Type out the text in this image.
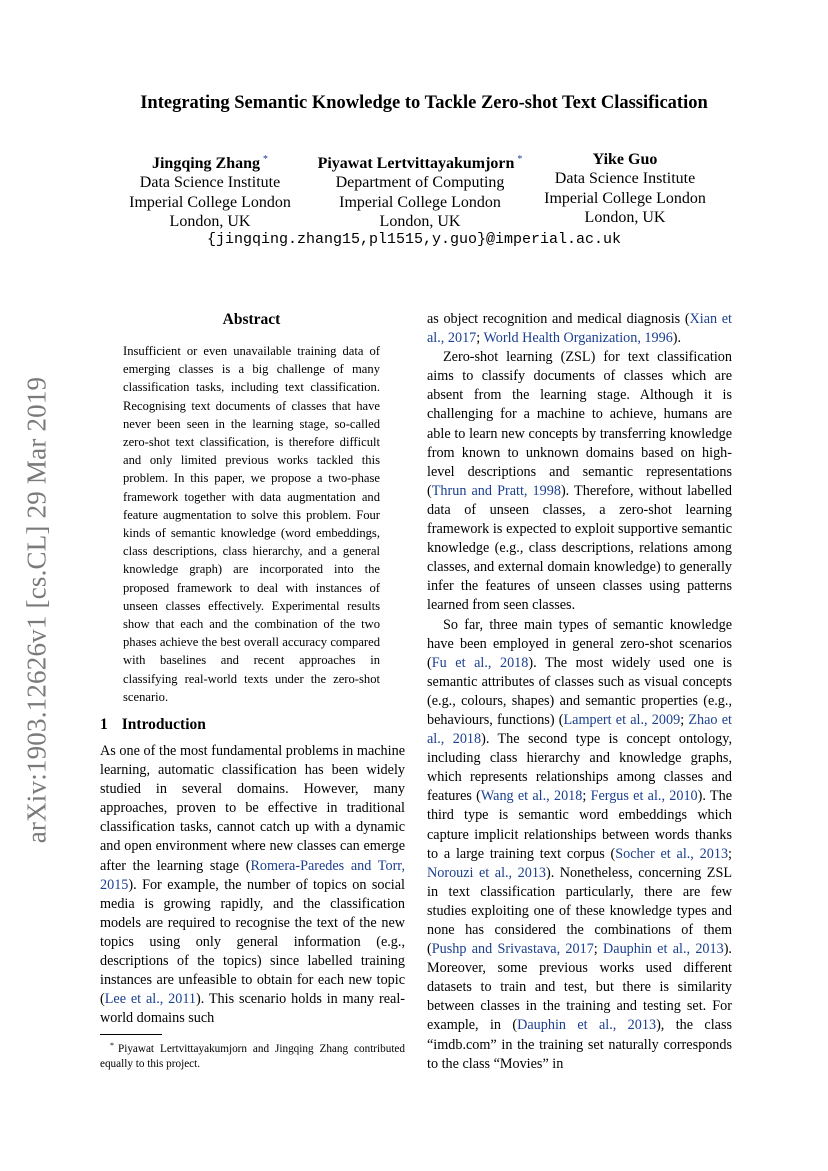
arXiv:1903.12626v1 [cs.CL] 29 Mar 2019
Integrating Semantic Knowledge to Tackle Zero-shot Text Classification
Jingqing Zhang *
Data Science Institute
Imperial College London
London, UK
Piyawat Lertvittayakumjorn *
Department of Computing
Imperial College London
London, UK
Yike Guo
Data Science Institute
Imperial College London
London, UK
{jingqing.zhang15,pl1515,y.guo}@imperial.ac.uk
Abstract
Insufficient or even unavailable training data of emerging classes is a big challenge of many classification tasks, including text classification. Recognising text documents of classes that have never been seen in the learning stage, so-called zero-shot text classification, is therefore difficult and only limited previous works tackled this problem. In this paper, we propose a two-phase framework together with data augmentation and feature augmentation to solve this problem. Four kinds of semantic knowledge (word embeddings, class descriptions, class hierarchy, and a general knowledge graph) are incorporated into the proposed framework to deal with instances of unseen classes effectively. Experimental results show that each and the combination of the two phases achieve the best overall accuracy compared with baselines and recent approaches in classifying real-world texts under the zero-shot scenario.
1 Introduction

As one of the most fundamental problems in machine learning, automatic classification has been widely studied in several domains. However, many approaches, proven to be effective in traditional classification tasks, cannot catch up with a dynamic and open environment where new classes can emerge after the learning stage (Romera-Paredes and Torr, 2015). For example, the number of topics on social media is growing rapidly, and the classification models are required to recognise the text of the new topics using only general information (e.g., descriptions of the topics) since labelled training instances are unfeasible to obtain for each new topic (Lee et al., 2011). This scenario holds in many real-world domains such

* Piyawat Lertvittayakumjorn and Jingqing Zhang contributed equally to this project.

as object recognition and medical diagnosis (Xian et al., 2017; World Health Organization, 1996).

Zero-shot learning (ZSL) for text classification aims to classify documents of classes which are absent from the learning stage. Although it is challenging for a machine to achieve, humans are able to learn new concepts by transferring knowledge from known to unknown domains based on high-level descriptions and semantic representations (Thrun and Pratt, 1998). Therefore, without labelled data of unseen classes, a zero-shot learning framework is expected to exploit supportive semantic knowledge (e.g., class descriptions, relations among classes, and external domain knowledge) to generally infer the features of unseen classes using patterns learned from seen classes.

So far, three main types of semantic knowledge have been employed in general zero-shot scenarios (Fu et al., 2018). The most widely used one is semantic attributes of classes such as visual concepts (e.g., colours, shapes) and semantic properties (e.g., behaviours, functions) (Lampert et al., 2009; Zhao et al., 2018). The second type is concept ontology, including class hierarchy and knowledge graphs, which represents relationships among classes and features (Wang et al., 2018; Fergus et al., 2010). The third type is semantic word embeddings which capture implicit relationships between words thanks to a large training text corpus (Socher et al., 2013; Norouzi et al., 2013). Nonetheless, concerning ZSL in text classification particularly, there are few studies exploiting one of these knowledge types and none has considered the combinations of them (Pushp and Srivastava, 2017; Dauphin et al., 2013). Moreover, some previous works used different datasets to train and test, but there is similarity between classes in the training and testing set. For example, in (Dauphin et al., 2013), the class “imdb.com” in the training set naturally corresponds to the class “Movies” in
